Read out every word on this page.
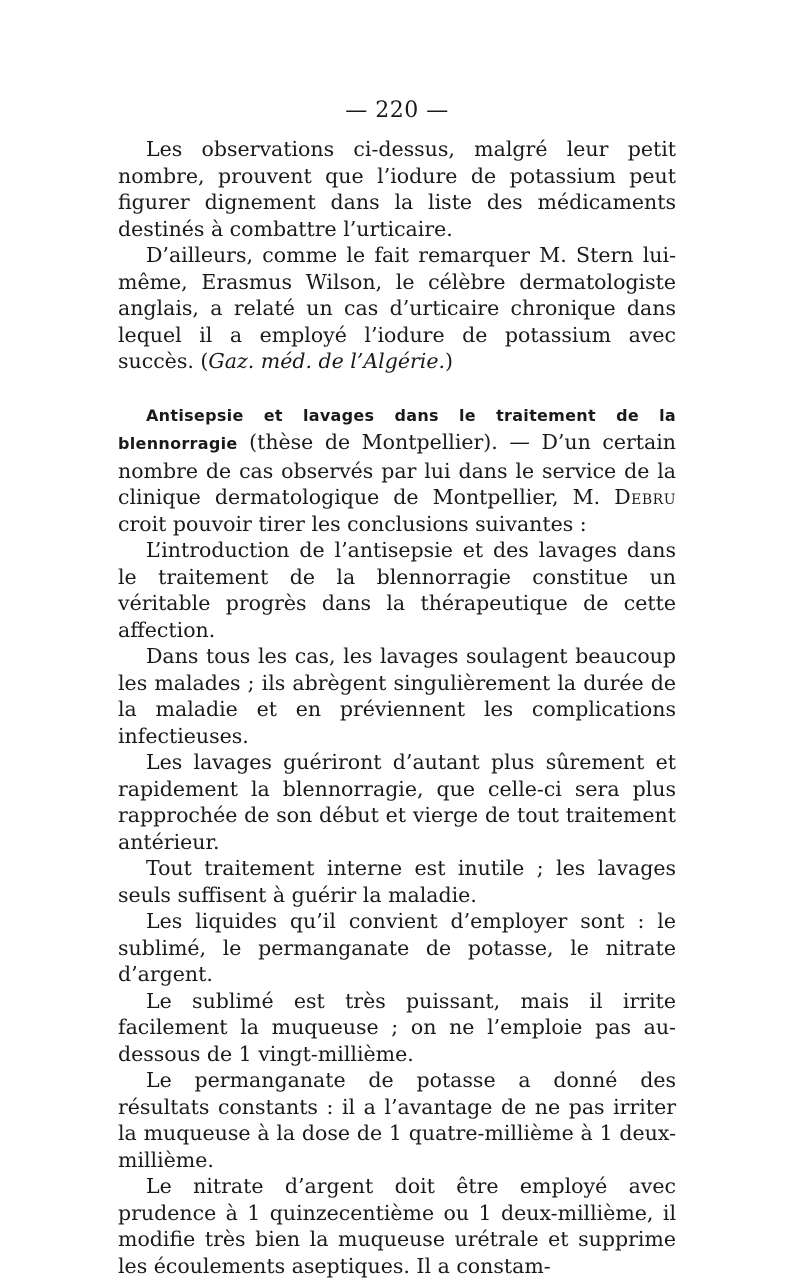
— 220 —

Les observations ci-dessus, malgré leur petit nombre, prouvent que l’iodure de potassium peut figurer dignement dans la liste des médicaments destinés à combattre l’urticaire.

D’ailleurs, comme le fait remarquer M. Stern lui-même, Erasmus Wilson, le célèbre dermatologiste anglais, a relaté un cas d’urticaire chronique dans lequel il a employé l’iodure de potassium avec succès. (Gaz. méd. de l’Algérie.)

Antisepsie et lavages dans le traitement de la blennorragie (thèse de Montpellier). — D’un certain nombre de cas observés par lui dans le service de la clinique dermatologique de Montpellier, M. Debru croit pouvoir tirer les conclusions suivantes :

L’introduction de l’antisepsie et des lavages dans le traitement de la blennorragie constitue un véritable progrès dans la thérapeutique de cette affection.

Dans tous les cas, les lavages soulagent beaucoup les malades ; ils abrègent singulièrement la durée de la maladie et en préviennent les complications infectieuses.

Les lavages guériront d’autant plus sûrement et rapidement la blennorragie, que celle-ci sera plus rapprochée de son début et vierge de tout traitement antérieur.

Tout traitement interne est inutile ; les lavages seuls suffisent à guérir la maladie.

Les liquides qu’il convient d’employer sont : le sublimé, le permanganate de potasse, le nitrate d’argent.

Le sublimé est très puissant, mais il irrite facilement la muqueuse ; on ne l’emploie pas au-dessous de 1 vingt-millième.

Le permanganate de potasse a donné des résultats constants : il a l’avantage de ne pas irriter la muqueuse à la dose de 1 quatre-millième à 1 deux-millième.

Le nitrate d’argent doit être employé avec prudence à 1 quinzecentième ou 1 deux-millième, il modifie très bien la muqueuse urétrale et supprime les écoulements aseptiques. Il a constam-
